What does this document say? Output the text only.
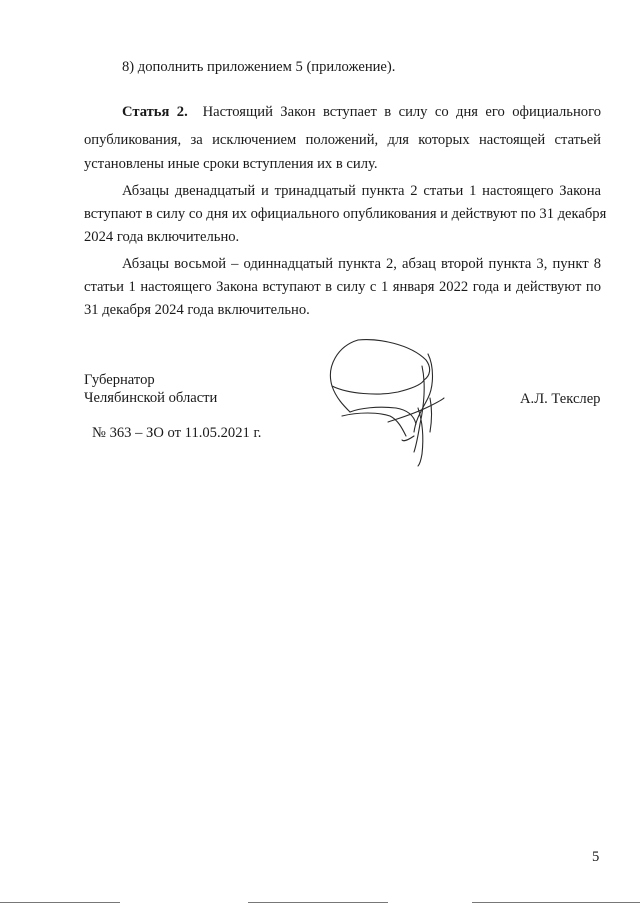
8) дополнить приложением 5 (приложение).
Статья 2. Настоящий Закон вступает в силу со дня его официального
опубликования, за исключением положений, для которых настоящей статьей
установлены иные сроки вступления их в силу.
Абзацы двенадцатый и тринадцатый пункта 2 статьи 1 настоящего Закона
вступают в силу со дня их официального опубликования и действуют по 31 декабря
2024 года включительно.
Абзацы восьмой – одиннадцатый пункта 2, абзац второй пункта 3, пункт 8
статьи 1 настоящего Закона вступают в силу с 1 января 2022 года и действуют по
31 декабря 2024 года включительно.
Губернатор
Челябинской области	А.Л. Текслер
№ 363 – ЗО от 11.05.2021 г.
5
